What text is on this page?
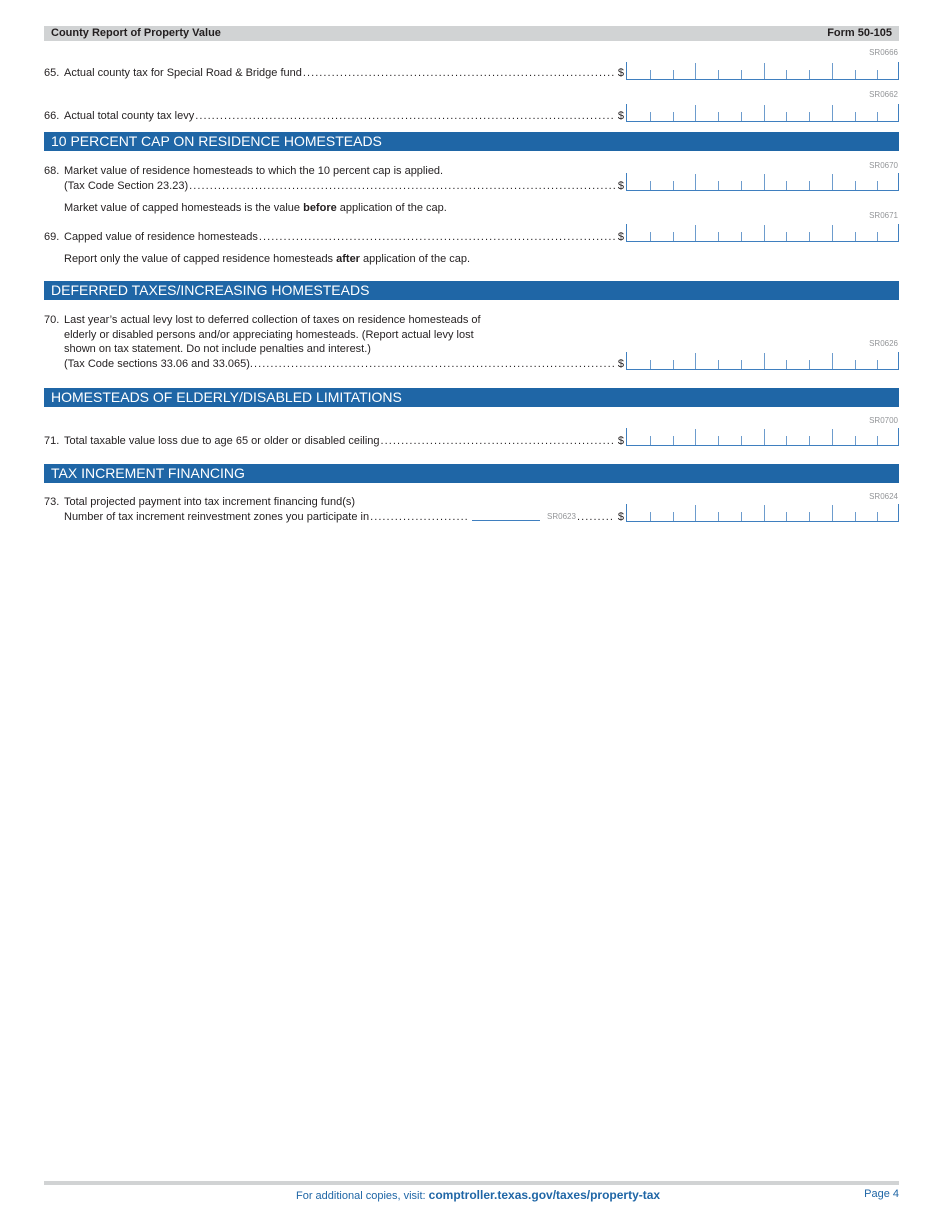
County Report of Property Value	Form 50-105
SR0666
65. Actual county tax for Special Road & Bridge fund . . .	$
SR0662
66. Actual total county tax levy . . .	$
10 PERCENT CAP ON RESIDENCE HOMESTEADS
SR0670
68. Market value of residence homesteads to which the 10 percent cap is applied.
(Tax Code Section 23.23) . . .	$
Market value of capped homesteads is the value before application of the cap.
SR0671
69. Capped value of residence homesteads . . .	$
Report only the value of capped residence homesteads after application of the cap.
DEFERRED TAXES/INCREASING HOMESTEADS
70. Last year’s actual levy lost to deferred collection of taxes on residence homesteads of
elderly or disabled persons and/or appreciating homesteads. (Report actual levy lost
shown on tax statement. Do not include penalties and interest.)
(Tax Code sections 33.06 and 33.065). . . .	$
SR0626
HOMESTEADS OF ELDERLY/DISABLED LIMITATIONS
SR0700
71. Total taxable value loss due to age 65 or older or disabled ceiling . . .	$
TAX INCREMENT FINANCING
SR0624
73. Total projected payment into tax increment financing fund(s)
Number of tax increment reinvestment zones you participate in . . .	SR0623 . . .	$
For additional copies, visit: comptroller.texas.gov/taxes/property-tax	Page 4
